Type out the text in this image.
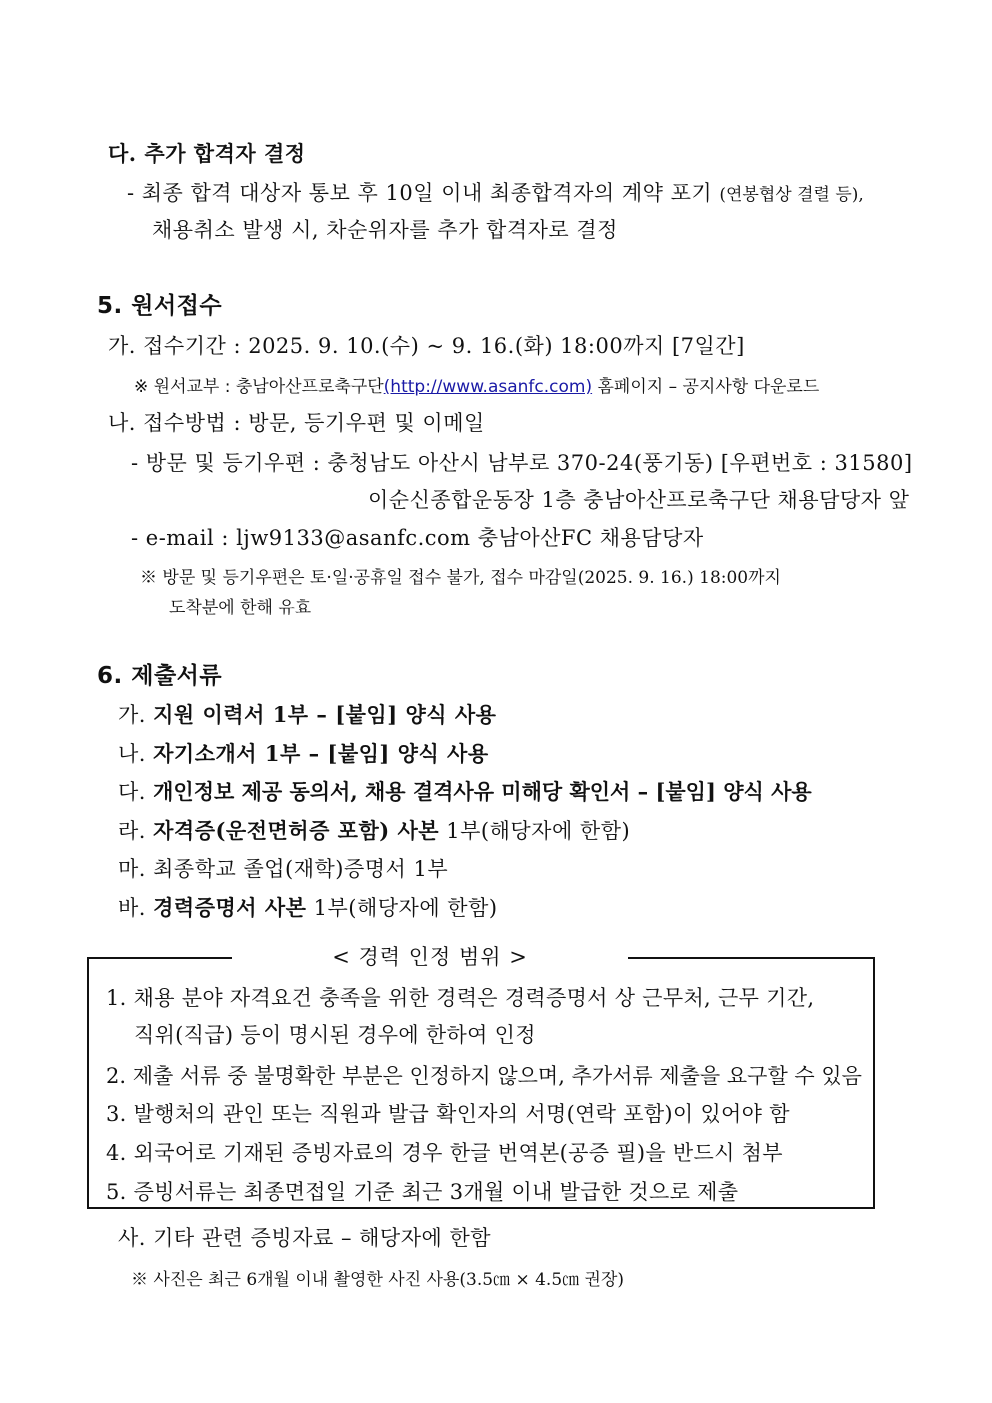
다. 추가 합격자 결정
- 최종 합격 대상자 통보 후 10일 이내 최종합격자의 계약 포기 (연봉협상 결렬 등),
채용취소 발생 시, 차순위자를 추가 합격자로 결정
5. 원서접수
가. 접수기간 : 2025. 9. 10.(수) ~ 9. 16.(화) 18:00까지 [7일간]
※ 원서교부 : 충남아산프로축구단(http://www.asanfc.com) 홈페이지 – 공지사항 다운로드
나. 접수방법 : 방문, 등기우편 및 이메일
- 방문 및 등기우편 : 충청남도 아산시 남부로 370-24(풍기동) [우편번호 : 31580]
이순신종합운동장 1층 충남아산프로축구단 채용담당자 앞
- e-mail : ljw9133@asanfc.com 충남아산FC 채용담당자
※ 방문 및 등기우편은 토·일·공휴일 접수 불가, 접수 마감일(2025. 9. 16.) 18:00까지
도착분에 한해 유효
6. 제출서류
가. 지원 이력서 1부 – [붙임] 양식 사용
나. 자기소개서 1부 – [붙임] 양식 사용
다. 개인정보 제공 동의서, 채용 결격사유 미해당 확인서 – [붙임] 양식 사용
라. 자격증(운전면허증 포함) 사본 1부(해당자에 한함)
마. 최종학교 졸업(재학)증명서 1부
바. 경력증명서 사본 1부(해당자에 한함)
< 경력 인정 범위 >
1. 채용 분야 자격요건 충족을 위한 경력은 경력증명서 상 근무처, 근무 기간,
직위(직급) 등이 명시된 경우에 한하여 인정
2. 제출 서류 중 불명확한 부분은 인정하지 않으며, 추가서류 제출을 요구할 수 있음
3. 발행처의 관인 또는 직원과 발급 확인자의 서명(연락 포함)이 있어야 함
4. 외국어로 기재된 증빙자료의 경우 한글 번역본(공증 필)을 반드시 첨부
5. 증빙서류는 최종면접일 기준 최근 3개월 이내 발급한 것으로 제출
사. 기타 관련 증빙자료 – 해당자에 한함
※ 사진은 최근 6개월 이내 촬영한 사진 사용(3.5㎝ × 4.5㎝ 권장)
